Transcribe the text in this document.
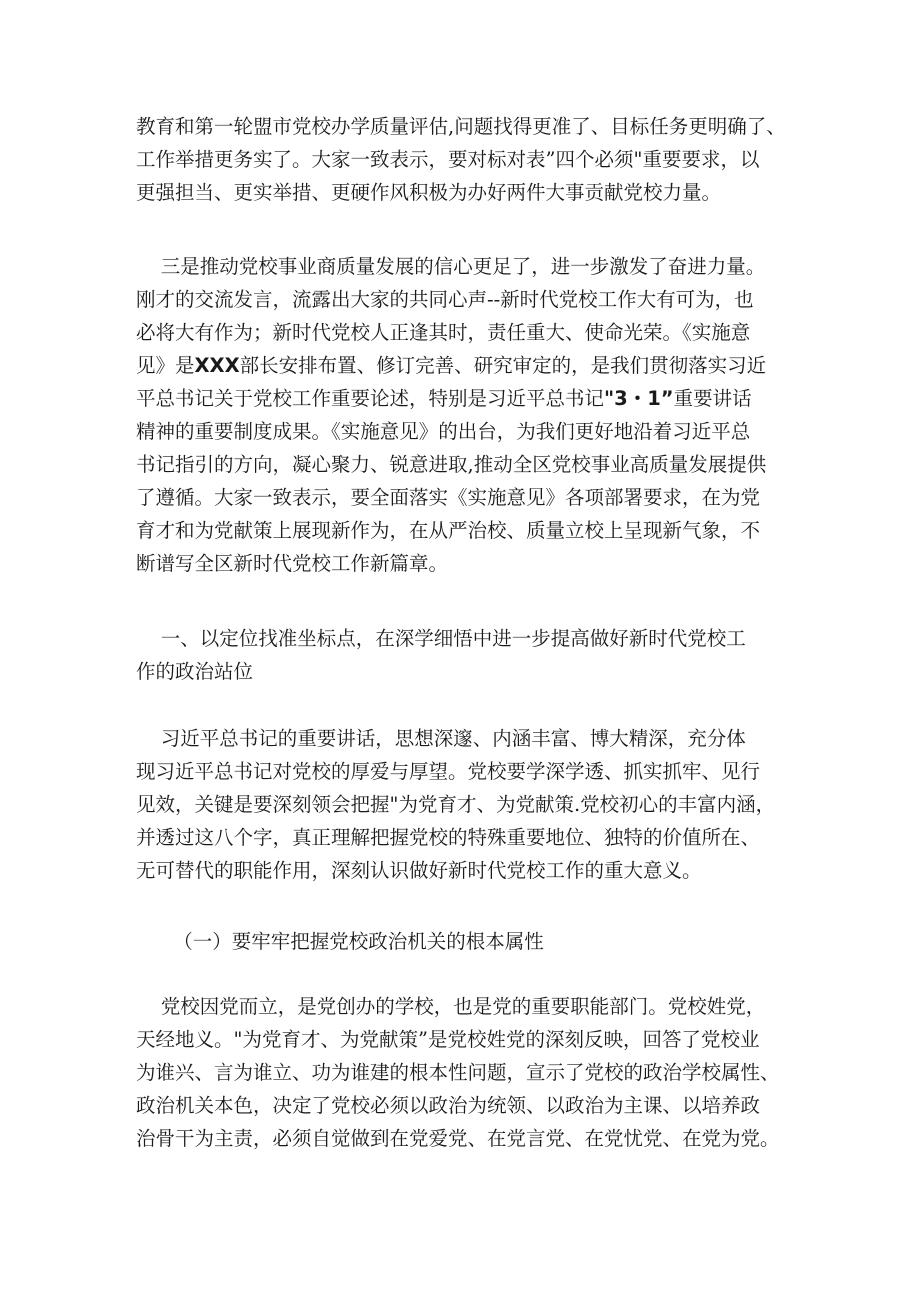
教育和第一轮盟市党校办学质量评估,问题找得更准了、目标任务更明确了、
工作举措更务实了。大家一致表示，要对标对表”四个必须"重要要求，以
更强担当、更实举措、更硬作风积极为办好两件大事贡献党校力量。
三是推动党校事业商质量发展的信心更足了，进一步激发了奋进力量。
刚才的交流发言，流露出大家的共同心声--新时代党校工作大有可为，也
必将大有作为；新时代党校人正逢其时，责任重大、使命光荣。《实施意
见》是XXX部长安排布置、修订完善、研究审定的，是我们贯彻落实习近
平总书记关于党校工作重要论述，特别是习近平总书记"3・1”重要讲话
精神的重要制度成果。《实施意见》的出台，为我们更好地沿着习近平总
书记指引的方向，凝心聚力、锐意进取,推动全区党校事业高质量发展提供
了遵循。大家一致表示，要全面落实《实施意见》各项部署要求，在为党
育才和为党献策上展现新作为，在从严治校、质量立校上呈现新气象，不
断谱写全区新时代党校工作新篇章。
一、以定位找准坐标点，在深学细悟中进一步提高做好新时代党校工
作的政治站位
习近平总书记的重要讲话，思想深邃、内涵丰富、博大精深，充分体
现习近平总书记对党校的厚爱与厚望。党校要学深学透、抓实抓牢、见行
见效，关键是要深刻领会把握"为党育才、为党献策.党校初心的丰富内涵，
并透过这八个字，真正理解把握党校的特殊重要地位、独特的价值所在、
无可替代的职能作用，深刻认识做好新时代党校工作的重大意义。
（一）要牢牢把握党校政治机关的根本属性
党校因党而立，是党创办的学校，也是党的重要职能部门。党校姓党，
天经地义。"为党育才、为党献策”是党校姓党的深刻反映，回答了党校业
为谁兴、言为谁立、功为谁建的根本性问题，宣示了党校的政治学校属性、
政治机关本色，决定了党校必须以政治为统领、以政治为主课、以培养政
治骨干为主责，必须自觉做到在党爱党、在党言党、在党忧党、在党为党。
